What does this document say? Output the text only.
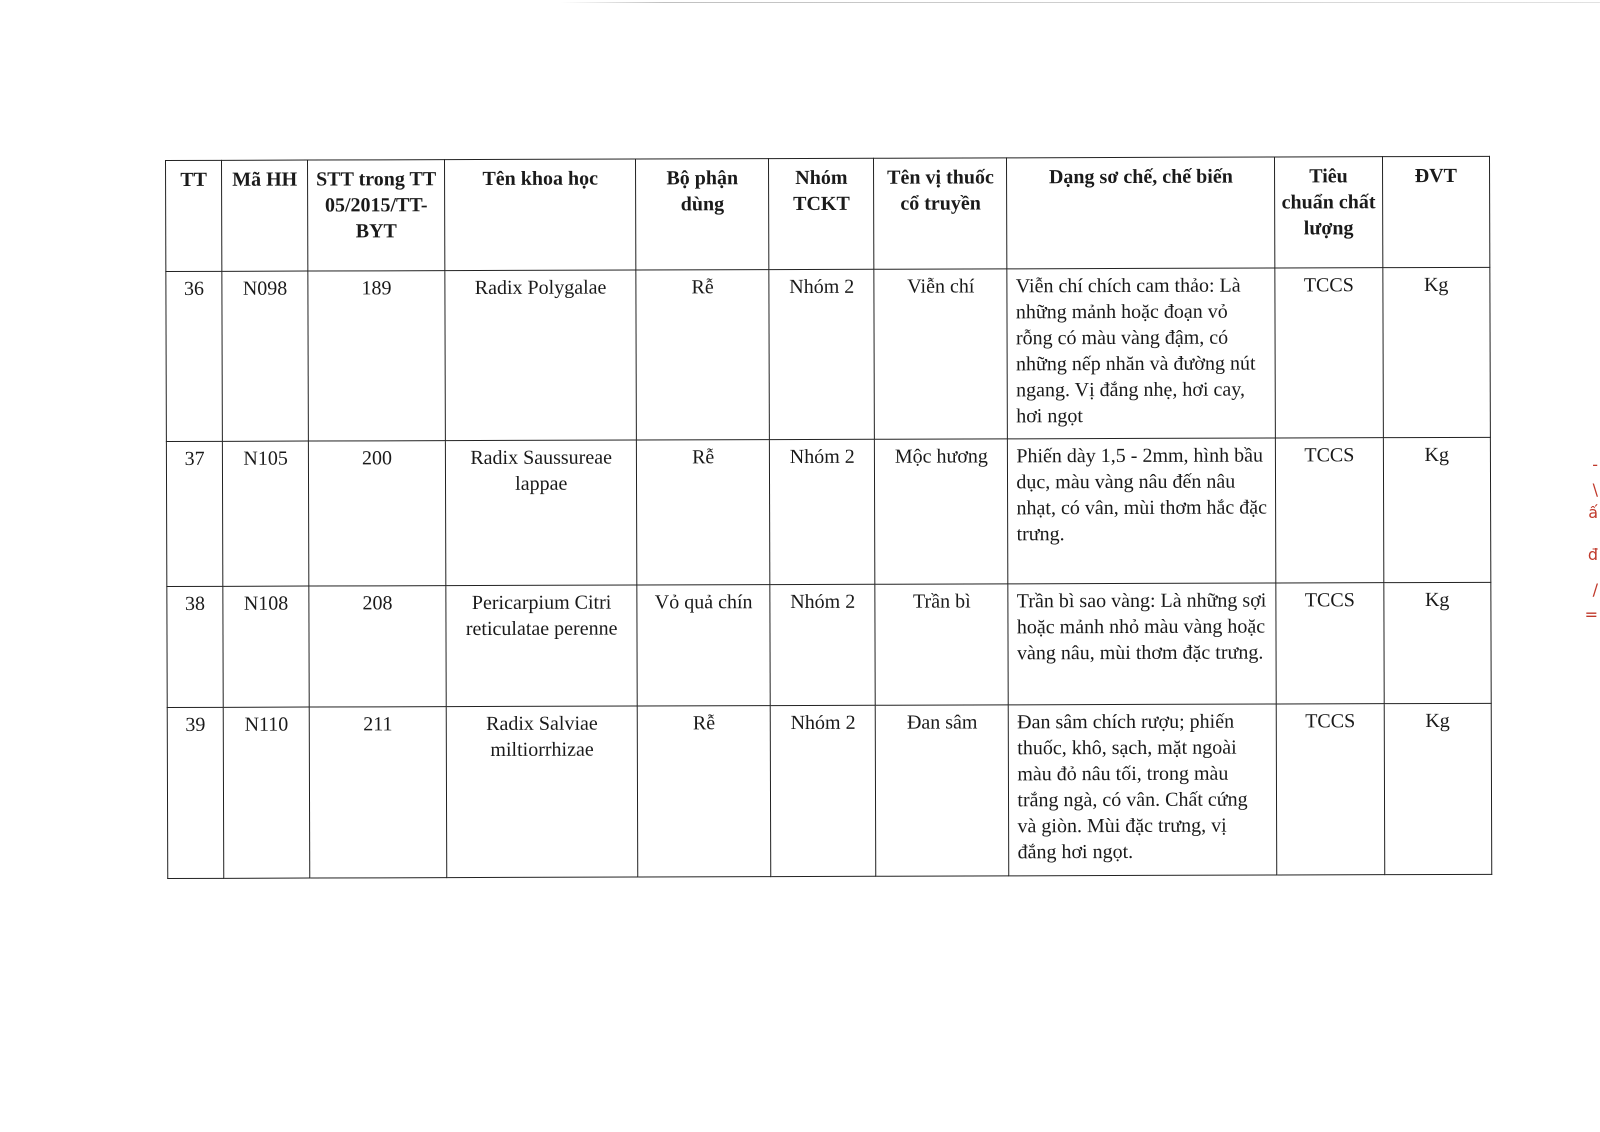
TT	Mã HH	STT trong TT 05/2015/TT-BYT	Tên khoa học	Bộ phận dùng	Nhóm TCKT	Tên vị thuốc cổ truyền	Dạng sơ chế, chế biến	Tiêu chuẩn chất lượng	ĐVT
36	N098	189	Radix Polygalae	Rễ	Nhóm 2	Viễn chí	Viễn chí chích cam thảo: Là những mảnh hoặc đoạn vỏ rỗng có màu vàng đậm, có những nếp nhăn và đường nút ngang. Vị đắng nhẹ, hơi cay, hơi ngọt	TCCS	Kg
37	N105	200	Radix Saussureae lappae	Rễ	Nhóm 2	Mộc hương	Phiến dày 1,5 - 2mm, hình bầu dục, màu vàng nâu đến nâu nhạt, có vân, mùi thơm hắc đặc trưng.	TCCS	Kg
38	N108	208	Pericarpium Citri reticulatae perenne	Vỏ quả chín	Nhóm 2	Trần bì	Trần bì sao vàng: Là những sợi hoặc mảnh nhỏ màu vàng hoặc vàng nâu, mùi thơm đặc trưng.	TCCS	Kg
39	N110	211	Radix Salviae miltiorrhizae	Rễ	Nhóm 2	Đan sâm	Đan sâm chích rượu; phiến thuốc, khô, sạch, mặt ngoài màu đỏ nâu tối, trong màu trắng ngà, có vân. Chất cứng và giòn. Mùi đặc trưng, vị đắng hơi ngọt.	TCCS	Kg
-
\
ấ
đ
/
=
